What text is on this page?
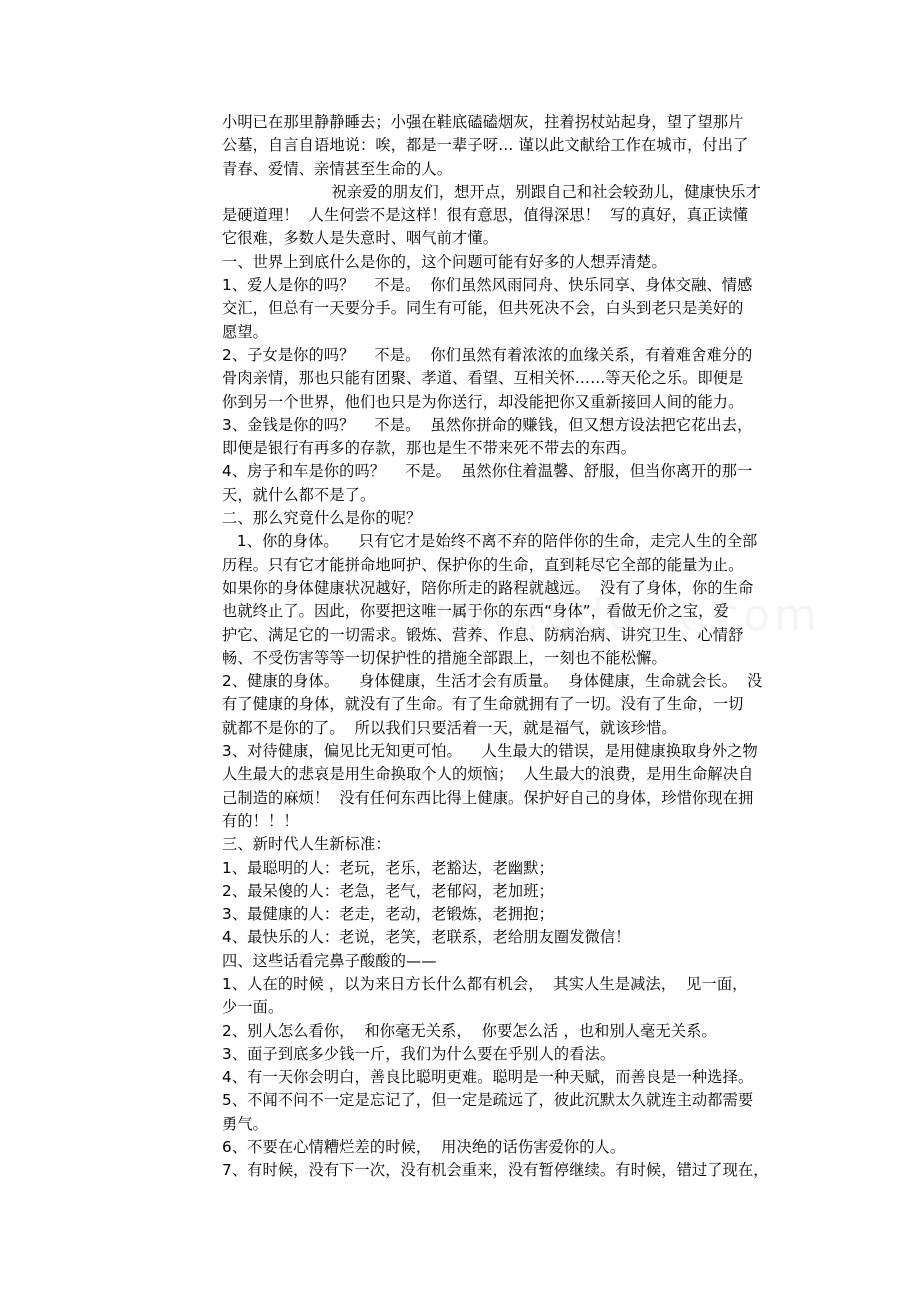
小明已在那里静静睡去；小强在鞋底磕磕烟灰，拄着拐杖站起身，望了望那片
公墓，自言自语地说：唉，都是一辈子呀… 谨以此文献给工作在城市，付出了
青春、爱情、亲情甚至生命的人。
祝亲爱的朋友们，想开点，别跟自己和社会较劲儿，健康快乐才
是硬道理！  人生何尝不是这样！很有意思，值得深思！  写的真好，真正读懂
它很难，多数人是失意时、咽气前才懂。
一、世界上到底什么是你的，这个问题可能有好多的人想弄清楚。
1、爱人是你的吗？    不是。  你们虽然风雨同舟、快乐同享、身体交融、情感
交汇，但总有一天要分手。同生有可能，但共死决不会，白头到老只是美好的
愿望。
2、子女是你的吗？    不是。  你们虽然有着浓浓的血缘关系，有着难舍难分的
骨肉亲情，那也只能有团聚、孝道、看望、互相关怀……等天伦之乐。即便是
你到另一个世界，他们也只是为你送行，却没能把你又重新接回人间的能力。
3、金钱是你的吗？    不是。  虽然你拼命的赚钱，但又想方设法把它花出去，
即便是银行有再多的存款，那也是生不带来死不带去的东西。
4、房子和车是你的吗？    不是。  虽然你住着温馨、舒服，但当你离开的那一
天，就什么都不是了。
二、那么究竟什么是你的呢？
1、你的身体。    只有它才是始终不离不弃的陪伴你的生命，走完人生的全部
历程。只有它才能拼命地呵护、保护你的生命，直到耗尽它全部的能量为止。
如果你的身体健康状况越好，陪你所走的路程就越远。  没有了身体，你的生命
也就终止了。因此，你要把这唯一属于你的东西“身体”，看做无价之宝，爱
护它、满足它的一切需求。锻炼、营养、作息、防病治病、讲究卫生、心情舒
畅、不受伤害等等一切保护性的措施全部跟上，一刻也不能松懈。
2、健康的身体。    身体健康，生活才会有质量。  身体健康，生命就会长。  没
有了健康的身体，就没有了生命。有了生命就拥有了一切。没有了生命，一切
就都不是你的了。  所以我们只要活着一天，就是福气，就该珍惜。
3、对待健康，偏见比无知更可怕。    人生最大的错误，是用健康换取身外之物
人生最大的悲哀是用生命换取个人的烦恼；  人生最大的浪费，是用生命解决自
己制造的麻烦！  没有任何东西比得上健康。保护好自己的身体，珍惜你现在拥
有的！！！
三、新时代人生新标准：
1、最聪明的人：老玩，老乐，老豁达，老幽默；
2、最呆傻的人：老急，老气，老郁闷，老加班；
3、最健康的人：老走，老动，老锻炼，老拥抱；
4、最快乐的人：老说，老笑，老联系，老给朋友圈发微信！
四、这些话看完鼻子酸酸的——
1、人在的时候 ，以为来日方长什么都有机会，  其实人生是减法，  见一面，
少一面。
2、别人怎么看你，  和你毫无关系，  你要怎么活 ，也和别人毫无关系。
3、面子到底多少钱一斤，我们为什么要在乎别人的看法。
4、有一天你会明白，善良比聪明更难。聪明是一种天赋，而善良是一种选择。
5、不闻不问不一定是忘记了，但一定是疏远了，彼此沉默太久就连主动都需要
勇气。
6、不要在心情糟烂差的时候，  用决绝的话伤害爱你的人。
7、有时候，没有下一次，没有机会重来，没有暂停继续。有时候，错过了现在，
